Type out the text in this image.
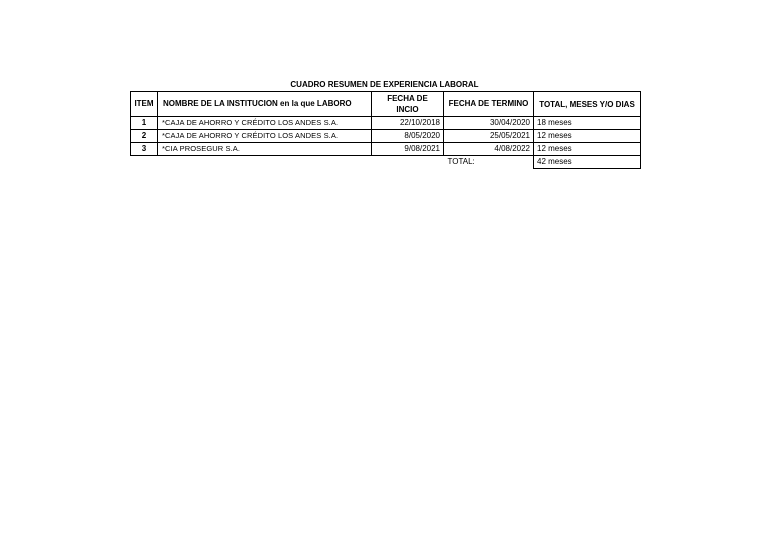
CUADRO RESUMEN DE EXPERIENCIA LABORAL
ITEM	NOMBRE DE LA INSTITUCION en la que LABORO	FECHA DE INCIO	FECHA DE TERMINO	TOTAL, MESES Y/O DIAS
1	*CAJA DE AHORRO Y CRÉDITO LOS ANDES S.A.	22/10/2018	30/04/2020	18 meses
2	*CAJA DE AHORRO Y CRÉDITO LOS ANDES S.A.	8/05/2020	25/05/2021	12 meses
3	*CIA PROSEGUR S.A.	9/08/2021	4/08/2022	12 meses
			TOTAL:	42 meses
